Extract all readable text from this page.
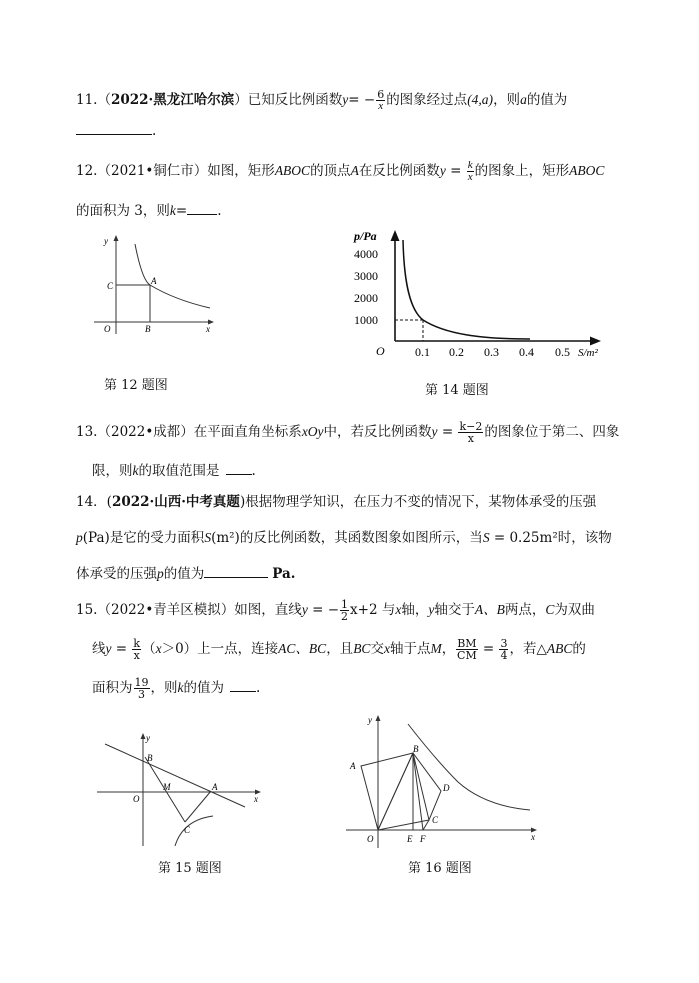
11.（2022·黑龙江哈尔滨）已知反比例函数$y= - \frac{6}{x}$ 的图象经过点(4,a)，则a的值为
.
12.（2021•铜仁市）如图，矩形ABOC的顶点A在反比例函数$y = \frac{k}{x}$ 的图象上，矩形ABOC
的面积为 3，则k= .
y
x
O
A
B
C
第 12 题图
p/Pa
4000
3000
2000
1000
O	0.1 0.2 0.3 0.4 0.5 S/m²
第 14 题图
13.（2022•成都）在平面直角坐标系xOy中，若反比例函数$y = \frac{k-2}{x}$ 的图象位于第二、四象
限，则k的取值范围是 .
14．(2022·山西·中考真题)根据物理学知识，在压力不变的情况下，某物体承受的压强
p(Pa)是它的受力面积S(m²)的反比例函数，其函数图象如图所示，当S = 0.25m²时，该物
体承受的压强p的值为	Pa.
15.（2022•青羊区模拟）如图，直线y = − $\frac{1}{2} x+2$ 与x轴，y轴交于A、B两点，C为双曲
线$y = \frac{k}{x} (x>0)$上一点，连接AC、BC，且BC交x轴于点M， $\frac{BM}{CM} = \frac{3}{4}$ ，若△ABC的
面积为 $\frac{19}{3}$ ，则k的值为 .
y
x
O
B
A
M
C
第 15 题图
y
x
O
A
B
D
C
E F
第 16 题图
